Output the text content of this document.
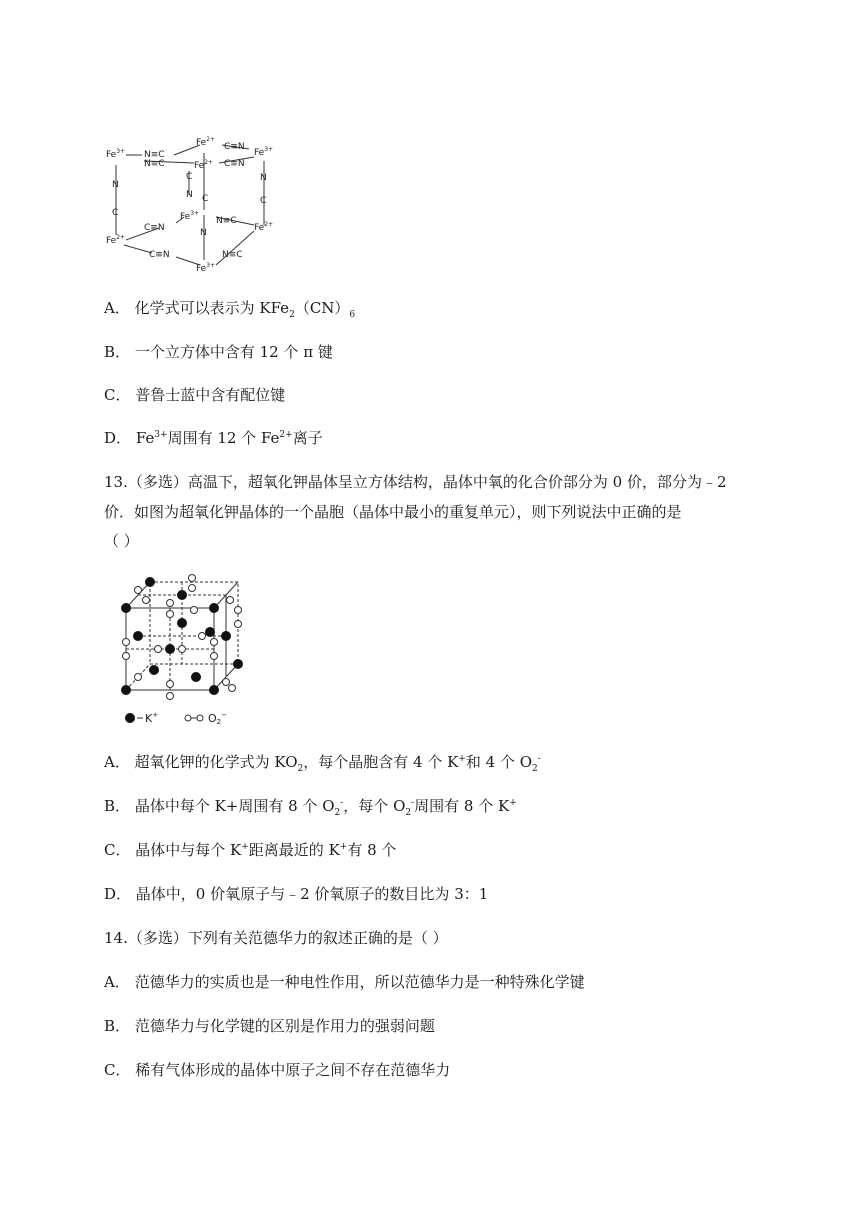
$Fe^{3+}$ N≡C
$Fe^{2+}$
C≡N
$Fe^{3+}$
N≡C	$Fe^{2+}$ C≡N
N
C
N
C
C
N C
$Fe^{3+}$
N≡C
C≡N
$Fe^{2+}$
$Fe^{2+}$
N
C≡N	N≡C
$Fe^{3+}$
A． 化学式可以表示为 $KFe_2(CN)_6$
B． 一个立方体中含有 12 个 π 键
C． 普鲁士蓝中含有配位键
D． $Fe^{3+}$周围有 12 个 $Fe^{2+}$离子
13.（多选）高温下，超氧化钾晶体呈立方体结构，晶体中氧的化合价部分为 0 价，部分为﹣2
价．如图为超氧化钾晶体的一个晶胞（晶体中最小的重复单元），则下列说法中正确的是
（ ）
K+	O2−
A． 超氧化钾的化学式为 $KO_2$，每个晶胞含有 4 个 K+和 4 个 $O_2^-$
B． 晶体中每个 K+周围有 8 个 $O_2^-$，每个 $O_2^-$周围有 8 个 K+
C． 晶体中与每个 K+距离最近的 K+有 8 个
D． 晶体中，0 价氧原子与﹣2 价氧原子的数目比为 3：1
14.（多选）下列有关范德华力的叙述正确的是（ ）
A． 范德华力的实质也是一种电性作用，所以范德华力是一种特殊化学键
B． 范德华力与化学键的区别是作用力的强弱问题
C． 稀有气体形成的晶体中原子之间不存在范德华力
